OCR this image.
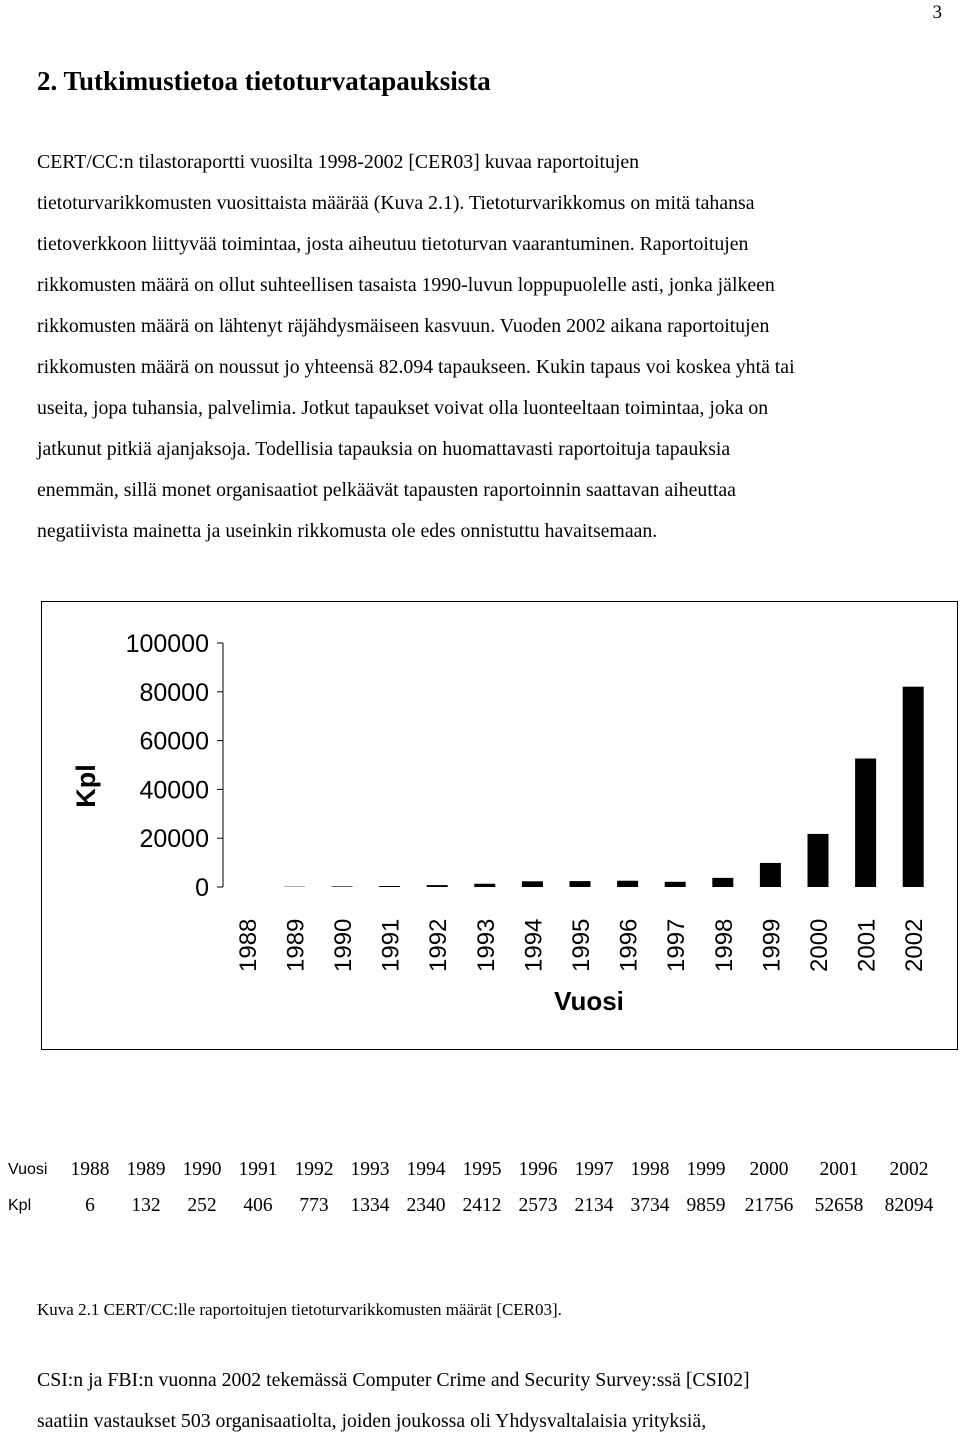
3
2. Tutkimustietoa tietoturvatapauksista

CERT/CC:n tilastoraportti vuosilta 1998-2002 [CER03] kuvaa raportoitujen
tietoturvarikkomusten vuosittaista määrää (Kuva 2.1). Tietoturvarikkomus on mitä tahansa
tietoverkkoon liittyvää toimintaa, josta aiheutuu tietoturvan vaarantuminen. Raportoitujen
rikkomusten määrä on ollut suhteellisen tasaista 1990-luvun loppupuolelle asti, jonka jälkeen
rikkomusten määrä on lähtenyt räjähdysmäiseen kasvuun. Vuoden 2002 aikana raportoitujen
rikkomusten määrä on noussut jo yhteensä 82.094 tapaukseen. Kukin tapaus voi koskea yhtä tai
useita, jopa tuhansia, palvelimia. Jotkut tapaukset voivat olla luonteeltaan toimintaa, joka on
jatkunut pitkiä ajanjaksoja. Todellisia tapauksia on huomattavasti raportoituja tapauksia
enemmän, sillä monet organisaatiot pelkäävät tapausten raportoinnin saattavan aiheuttaa
negatiivista mainetta ja useinkin rikkomusta ole edes onnistuttu havaitsemaan.

Kpl
Vuosi
100000
80000
60000
40000
20000
0
1988 1989 1990 1991 1992 1993 1994 1995 1996 1997 1998 1999 2000 2001 2002
Vuosi	1988	1989	1990	1991	1992	1993	1994	1995	1996	1997	1998	1999	2000	2001	2002
Kpl	6	132	252	406	773	1334	2340	2412	2573	2134	3734	9859	21756	52658	82094

Kuva 2.1 CERT/CC:lle raportoitujen tietoturvarikkomusten määrät [CER03].

CSI:n ja FBI:n vuonna 2002 tekemässä Computer Crime and Security Survey:ssä [CSI02]
saatiin vastaukset 503 organisaatiolta, joiden joukossa oli Yhdysvaltalaisia yrityksiä,
